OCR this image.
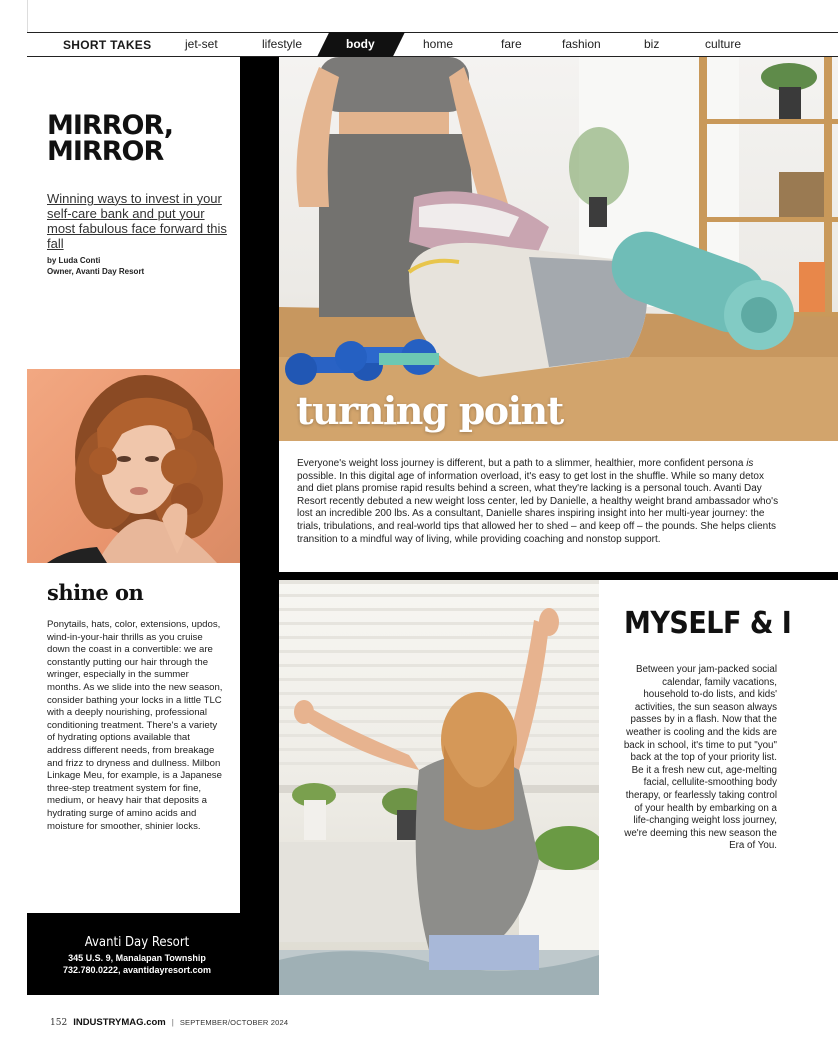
SHORT TAKES	jet-set	lifestyle	body	home	fare	fashion	biz	culture
MIRROR,
MIRROR
Winning ways to invest in your self-care bank and put your most fabulous face forward this fall
by Luda Conti
Owner, Avanti Day Resort
shine on
Ponytails, hats, color, extensions, updos, wind-in-your-hair thrills as you cruise down the coast in a convertible: we are constantly putting our hair through the wringer, especially in the summer months. As we slide into the new season, consider bathing your locks in a little TLC with a deeply nourishing, professional conditioning treatment. There's a variety of hydrating options available that address different needs, from breakage and frizz to dryness and dullness. Milbon Linkage Meu, for example, is a Japanese three-step treatment system for fine, medium, or heavy hair that deposits a hydrating surge of amino acids and moisture for smoother, shinier locks.
Avanti Day Resort
345 U.S. 9, Manalapan Township
732.780.0222, avantidayresort.com
turning point
Everyone's weight loss journey is different, but a path to a slimmer, healthier, more confident persona is possible. In this digital age of information overload, it's easy to get lost in the shuffle. While so many detox and diet plans promise rapid results behind a screen, what they're lacking is a personal touch. Avanti Day Resort recently debuted a new weight loss center, led by Danielle, a healthy weight brand ambassador who's lost an incredible 200 lbs. As a consultant, Danielle shares inspiring insight into her multi-year journey: the trials, tribulations, and real-world tips that allowed her to shed – and keep off – the pounds. She helps clients transition to a mindful way of living, while providing coaching and nonstop support.
MYSELF & I
Between your jam-packed social calendar, family vacations, household to-do lists, and kids' activities, the sun season always passes by in a flash. Now that the weather is cooling and the kids are back in school, it's time to put "you" back at the top of your priority list. Be it a fresh new cut, age-melting facial, cellulite-smoothing body therapy, or fearlessly taking control of your health by embarking on a life-changing weight loss journey, we're deeming this new season the Era of You.
152 INDUSTRYMAG.com | SEPTEMBER/OCTOBER 2024
